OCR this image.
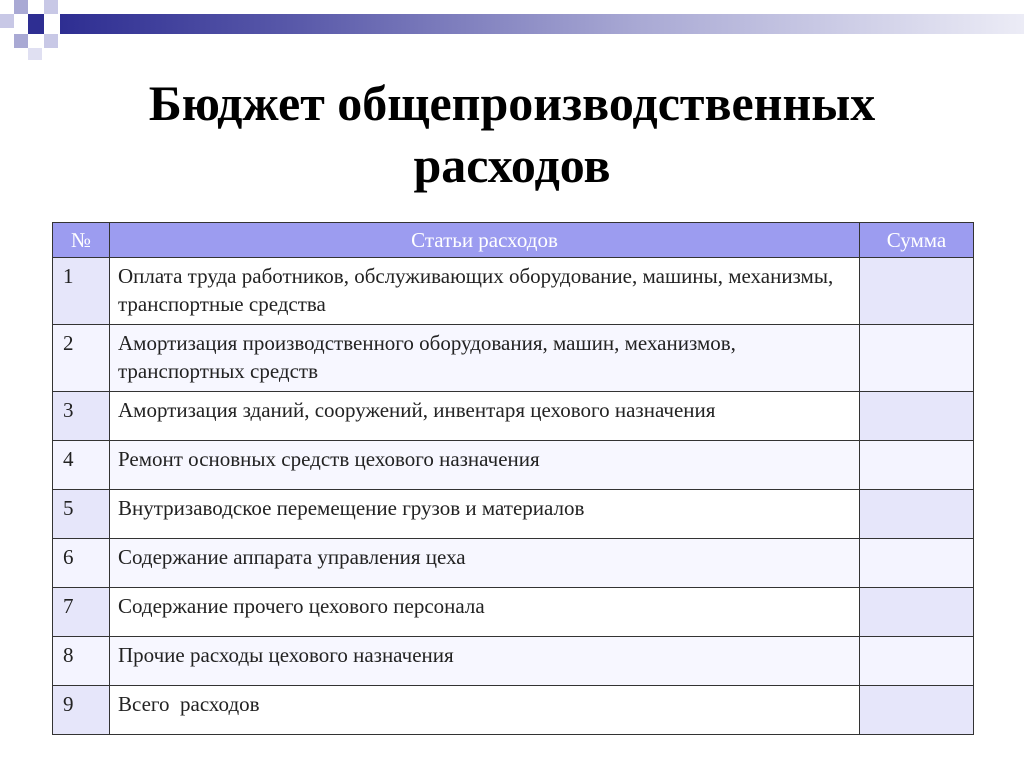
Бюджет общепроизводственных
расходов
№	Статьи расходов	Сумма
1	Оплата труда работников, обслуживающих оборудование, машины, механизмы, транспортные средства	
2	Амортизация производственного оборудования, машин, механизмов, транспортных средств	
3	Амортизация зданий, сооружений, инвентаря цехового назначения	
4	Ремонт основных средств цехового назначения	
5	Внутризаводское перемещение грузов и материалов	
6	Содержание аппарата управления цеха	
7	Содержание прочего цехового персонала	
8	Прочие расходы цехового назначения	
9	Всего  расходов	
